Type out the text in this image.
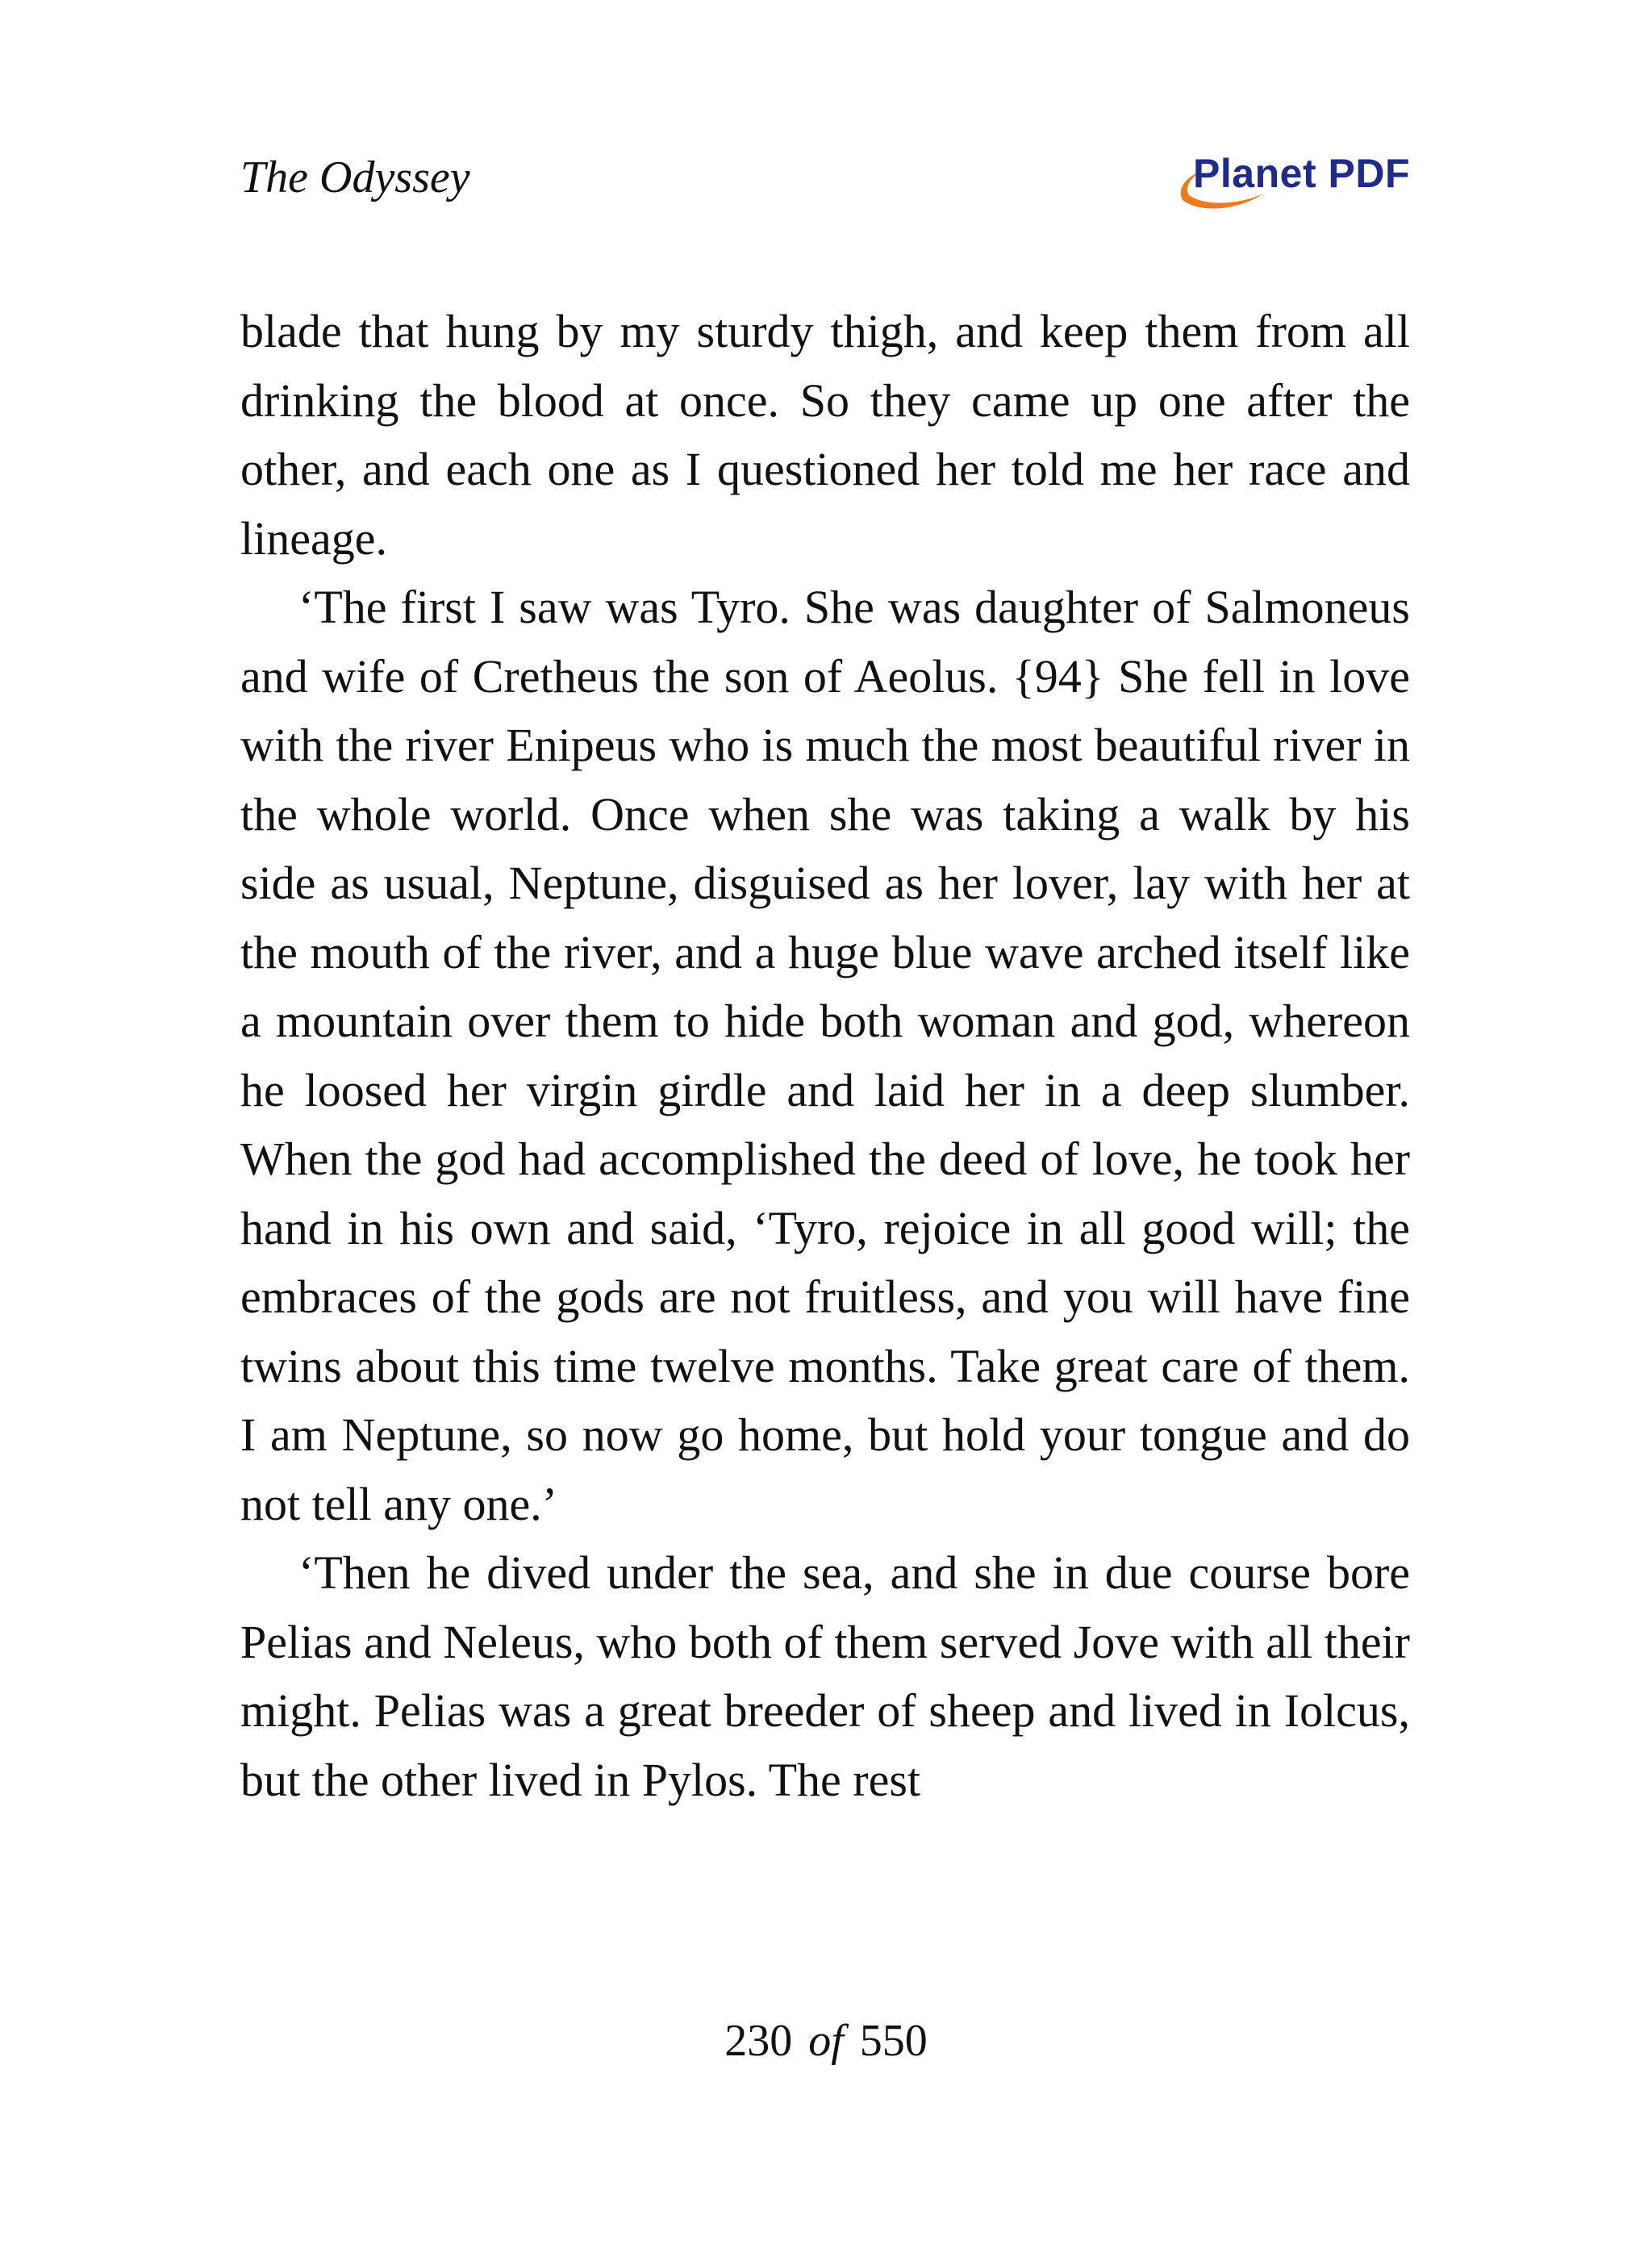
The Odyssey	Planet PDF

blade that hung by my sturdy thigh, and keep them from all drinking the blood at once. So they came up one after the other, and each one as I questioned her told me her race and lineage.

‘The first I saw was Tyro. She was daughter of Salmoneus and wife of Cretheus the son of Aeolus. {94} She fell in love with the river Enipeus who is much the most beautiful river in the whole world. Once when she was taking a walk by his side as usual, Neptune, disguised as her lover, lay with her at the mouth of the river, and a huge blue wave arched itself like a mountain over them to hide both woman and god, whereon he loosed her virgin girdle and laid her in a deep slumber. When the god had accomplished the deed of love, he took her hand in his own and said, ‘Tyro, rejoice in all good will; the embraces of the gods are not fruitless, and you will have fine twins about this time twelve months. Take great care of them. I am Neptune, so now go home, but hold your tongue and do not tell any one.’

‘Then he dived under the sea, and she in due course bore Pelias and Neleus, who both of them served Jove with all their might. Pelias was a great breeder of sheep and lived in Iolcus, but the other lived in Pylos. The rest

230 of 550
